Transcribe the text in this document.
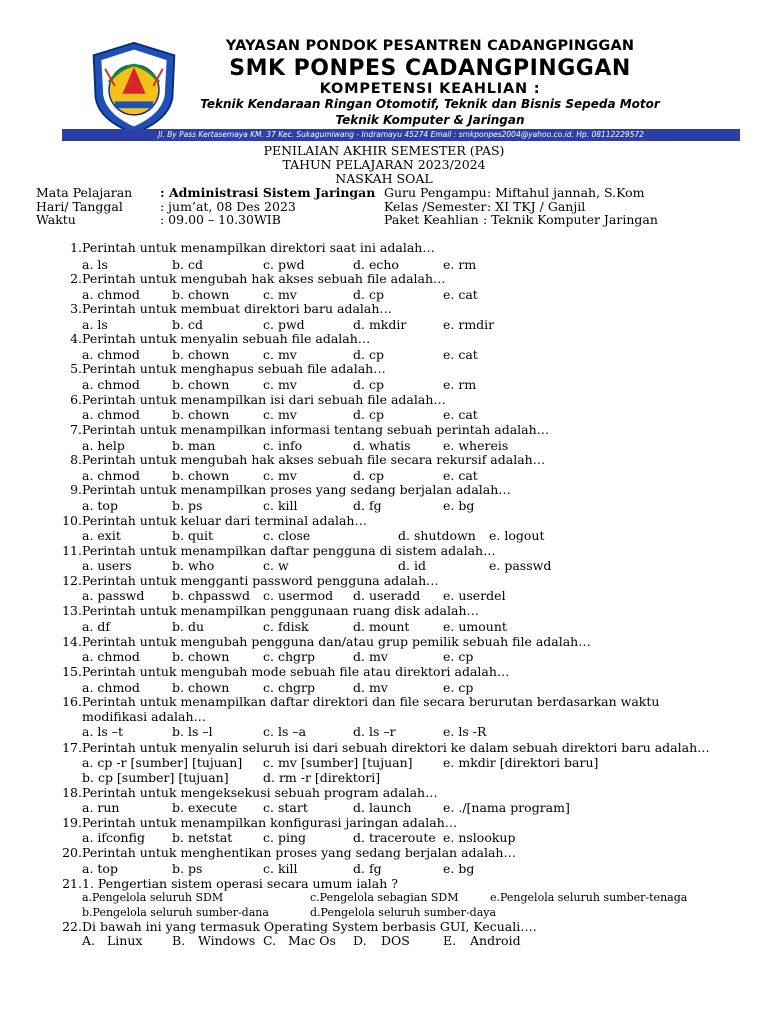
YAYASAN PONDOK PESANTREN CADANGPINGGAN
SMK PONPES CADANGPINGGAN
KOMPETENSI KEAHLIAN :
Teknik Kendaraan Ringan Otomotif, Teknik dan Bisnis Sepeda Motor
Teknik Komputer & Jaringan
Jl. By Pass Kertasemaya KM. 37 Kec. Sukagumiwang - Indramayu 45274 Email : smkponpes2004@yahoo.co.id. Hp. 08112229572
PENILAIAN AKHIR SEMESTER (PAS)
TAHUN PELAJARAN 2023/2024
NASKAH SOAL
Mata Pelajaran : Administrasi Sistem Jaringan Guru Pengampu : Miftahul jannah, S.Kom
Hari/ Tanggal	: jum’at, 08 Des 2023	Kelas /Semester : XI TKJ / Ganjil
Waktu	: 09.00 – 10.30WIB	Paket Keahlian : Teknik Komputer Jaringan
1. Perintah untuk menampilkan direktori saat ini adalah…
a. ls	b. cd	c. pwd	d. echo	e. rm
2. Perintah untuk mengubah hak akses sebuah file adalah…
a. chmod	b. chown	c. mv	d. cp	e. cat
3. Perintah untuk membuat direktori baru adalah…
a. ls	b. cd	c. pwd	d. mkdir	e. rmdir
4. Perintah untuk menyalin sebuah file adalah…
a. chmod	b. chown	c. mv	d. cp	e. cat
5. Perintah untuk menghapus sebuah file adalah…
a. chmod	b. chown	c. mv	d. cp	e. rm
6. Perintah untuk menampilkan isi dari sebuah file adalah…
a. chmod	b. chown	c. mv	d. cp	e. cat
7. Perintah untuk menampilkan informasi tentang sebuah perintah adalah…
a. help	b. man	c. info	d. whatis	e. whereis
8. Perintah untuk mengubah hak akses sebuah file secara rekursif adalah…
a. chmod	b. chown	c. mv	d. cp	e. cat
9. Perintah untuk menampilkan proses yang sedang berjalan adalah…
a. top	b. ps	c. kill	d. fg	e. bg
10. Perintah untuk keluar dari terminal adalah…
a. exit	b. quit	c. close	d. shutdown e. logout
11. Perintah untuk menampilkan daftar pengguna di sistem adalah…
a. users	b. who	c. w	d. id	e. passwd
12. Perintah untuk mengganti password pengguna adalah…
a. passwd b. chpasswd c. usermod d. useradd e. userdel
13. Perintah untuk menampilkan penggunaan ruang disk adalah…
a. df	b. du	c. fdisk	d. mount	e. umount
14. Perintah untuk mengubah pengguna dan/atau grup pemilik sebuah file adalah…
a. chmod	b. chown	c. chgrp	d. mv	e. cp
15. Perintah untuk mengubah mode sebuah file atau direktori adalah…
a. chmod	b. chown	c. chgrp	d. mv	e. cp
16. Perintah untuk menampilkan daftar direktori dan file secara berurutan berdasarkan waktu
modifikasi adalah…
a. ls –t	b. ls –l	c. ls –a	d. ls –r	e. ls -R
17. Perintah untuk menyalin seluruh isi dari sebuah direktori ke dalam sebuah direktori baru adalah…
a. cp -r [sumber] [tujuan] c. mv [sumber] [tujuan] e. mkdir [direktori baru]
b. cp [sumber] [tujuan]	d. rm -r [direktori]
18. Perintah untuk mengeksekusi sebuah program adalah…
a. run	b. execute c. start	d. launch	e. ./[nama program]
19. Perintah untuk menampilkan konfigurasi jaringan adalah…
a. ifconfig b. netstat c. ping	d. traceroute e. nslookup
20. Perintah untuk menghentikan proses yang sedang berjalan adalah…
a. top	b. ps	c. kill	d. fg	e. bg
21. 1. Pengertian sistem operasi secara umum ialah ?
a.Pengelola seluruh SDM	c.Pengelola sebagian SDM	e.Pengelola seluruh sumber-tenaga
b.Pengelola seluruh sumber-dana	d.Pengelola seluruh sumber-daya
22. Di bawah ini yang termasuk Operating System berbasis GUI, Kecuali….
A. Linux B. Windows C. Mac Os D. DOS	E. Android
